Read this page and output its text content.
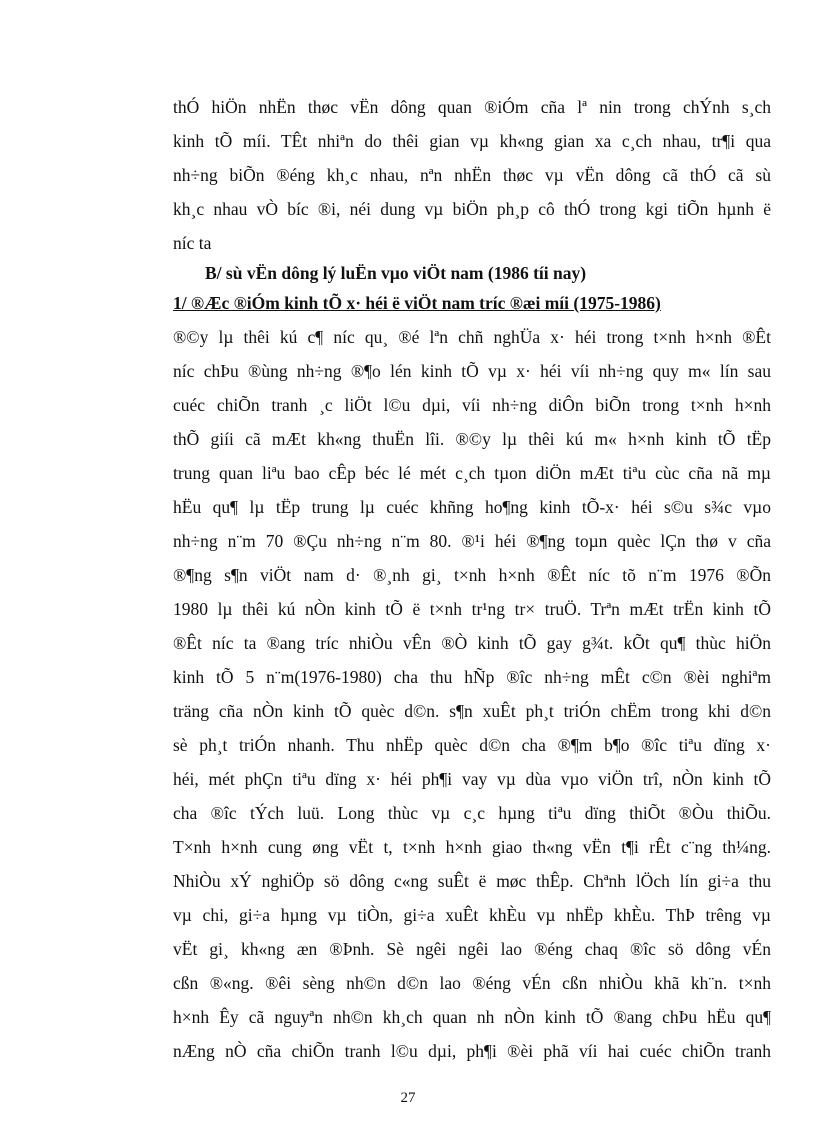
thÓ hiÖn nhËn thøc vËn dông quan ®iÓm cña lª nin trong chÝnh s¸ch
kinh tÕ míi. TÊt nhiªn do thêi gian vµ kh«ng gian xa c¸ch nhau, tr¶i qua
nh÷ng biÕn ®éng kh¸c nhau, nªn nhËn thøc vµ vËn dông cã thÓ cã sù
kh¸c nhau vÒ bíc ®i, néi dung vµ biÖn ph¸p cô thÓ trong kgi tiÕn hµnh ë
níc ta
B/ sù vËn dông lý luËn vµo viÖt nam (1986 tíi nay)
1/ ®Æc ®iÓm kinh tÕ x· héi ë viÖt nam tríc ®æi míi (1975-1986)
®©y lµ thêi kú c¶ níc qu¸ ®é lªn chñ nghÜa x· héi trong t×nh h×nh ®Êt
níc chÞu ®ùng nh÷ng ®¶o lén kinh tÕ vµ x· héi víi nh÷ng quy m« lín sau
cuéc chiÕn tranh ¸c liÖt l©u dµi, víi nh÷ng diÔn biÕn trong t×nh h×nh
thÕ giíi cã mÆt kh«ng thuËn lîi. ®©y lµ thêi kú m« h×nh kinh tÕ tËp
trung quan liªu bao cÊp béc lé mét c¸ch tµon diÖn mÆt tiªu cùc cña nã mµ
hËu qu¶ lµ tËp trung lµ cuéc khñng ho¶ng kinh tÕ-x· héi s©u s¾c vµo
nh÷ng n¨m 70 ®Çu nh÷ng n¨m 80. ®¹i héi ®¶ng toµn quèc lÇn thø v cña
®¶ng s¶n viÖt nam d· ®¸nh gi¸ t×nh h×nh ®Êt níc tõ n¨m 1976 ®Õn
1980 lµ thêi kú nÒn kinh tÕ ë t×nh tr¹ng tr× truÖ. Trªn mÆt trËn kinh tÕ
®Êt níc ta ®ang tríc nhiÒu vÊn ®Ò kinh tÕ gay g¾t. kÕt qu¶ thùc hiÖn
kinh tÕ 5 n¨m(1976-1980) cha thu hÑp ®îc nh÷ng mÊt c©n ®èi nghiªm
träng cña nÒn kinh tÕ quèc d©n. s¶n xuÊt ph¸t triÓn chËm trong khi d©n
sè ph¸t triÓn nhanh. Thu nhËp quèc d©n cha ®¶m b¶o ®îc tiªu dïng x·
héi, mét phÇn tiªu dïng x· héi ph¶i vay vµ dùa vµo viÖn trî, nÒn kinh tÕ
cha ®îc tÝch luü. Long thùc vµ c¸c hµng tiªu dïng thiÕt ®Òu thiÕu.
T×nh h×nh cung øng vËt t, t×nh h×nh giao th«ng vËn t¶i rÊt c¨ng th¼ng.
NhiÒu xÝ nghiÖp sö dông c«ng suÊt ë møc thÊp. Chªnh lÖch lín gi÷a thu
vµ chi, gi÷a hµng vµ tiÒn, gi÷a xuÊt khÈu vµ nhËp khÈu. ThÞ trêng vµ
vËt gi¸ kh«ng æn ®Þnh. Sè ngêi ngêi lao ®éng chaq ®îc sö dông vÉn
cßn ®«ng. ®êi sèng nh©n d©n lao ®éng vÉn cßn nhiÒu khã kh¨n. t×nh
h×nh Êy cã nguyªn nh©n kh¸ch quan nh nÒn kinh tÕ ®ang chÞu hËu qu¶
nÆng nÒ cña chiÕn tranh l©u dµi, ph¶i ®èi phã víi hai cuéc chiÕn tranh
27
